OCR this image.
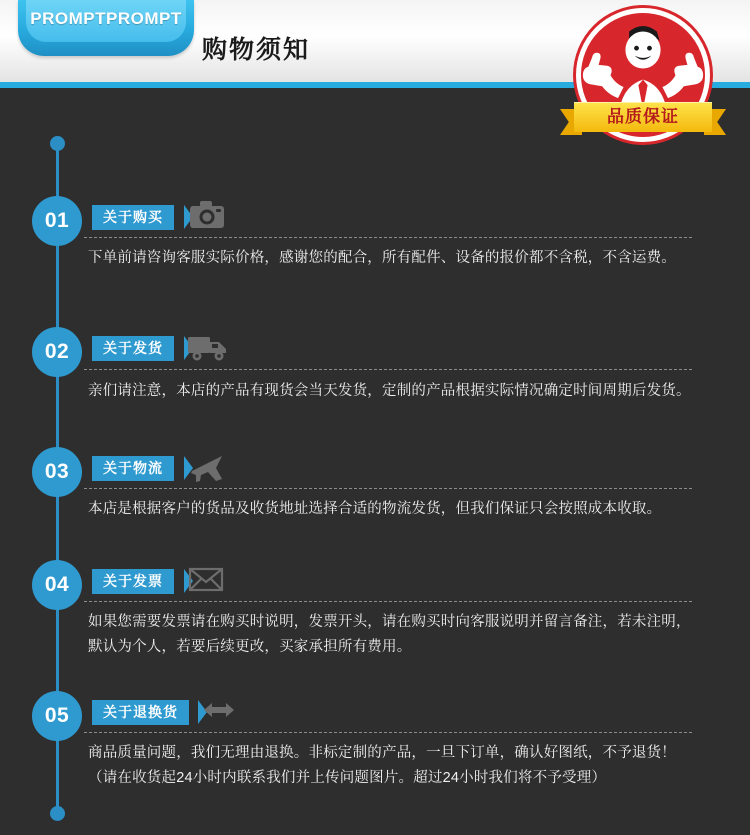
PROMPTPROMPT
购物须知
品质保证
01	关于购买
下单前请咨询客服实际价格，感谢您的配合，所有配件、设备的报价都不含税，不含运费。
02	关于发货
亲们请注意，本店的产品有现货会当天发货，定制的产品根据实际情况确定时间周期后发货。
03	关于物流
本店是根据客户的货品及收货地址选择合适的物流发货，但我们保证只会按照成本收取。
04	关于发票
如果您需要发票请在购买时说明，发票开头，请在购买时向客服说明并留言备注，若未注明，默认为个人，若要后续更改，买家承担所有费用。
05	关于退换货
商品质量问题，我们无理由退换。非标定制的产品，一旦下订单，确认好图纸，不予退货！（请在收货起24小时内联系我们并上传问题图片。超过24小时我们将不予受理）
